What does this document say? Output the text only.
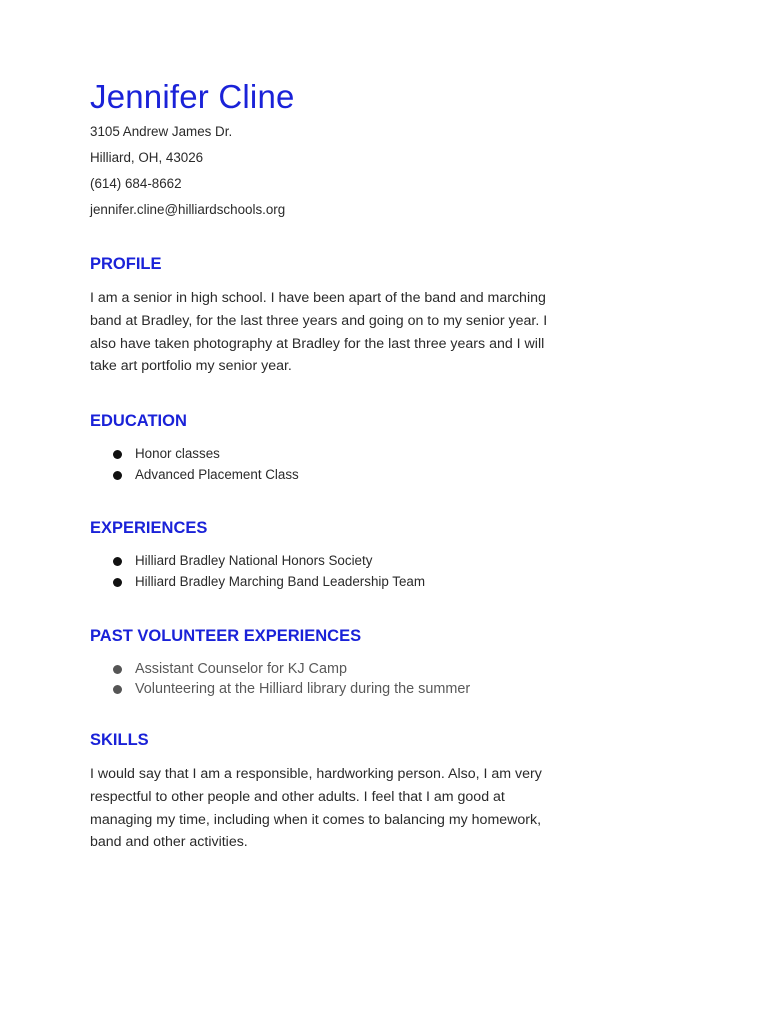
Jennifer Cline
3105 Andrew James Dr.
Hilliard, OH, 43026
(614) 684-8662
jennifer.cline@hilliardschools.org
PROFILE
I am a senior in high school. I have been apart of the band and marching band at Bradley, for the last three years and going on to my senior year. I also have taken photography at Bradley for the last three years and I will take art portfolio my senior year.
EDUCATION
Honor classes
Advanced Placement Class
EXPERIENCES
Hilliard Bradley National Honors Society
Hilliard Bradley Marching Band Leadership Team
PAST VOLUNTEER EXPERIENCES
Assistant Counselor for KJ Camp
Volunteering at the Hilliard library during the summer
SKILLS
I would say that I am a responsible, hardworking person. Also, I am very respectful to other people and other adults. I feel that I am good at managing my time, including when it comes to balancing my homework, band and other activities.
